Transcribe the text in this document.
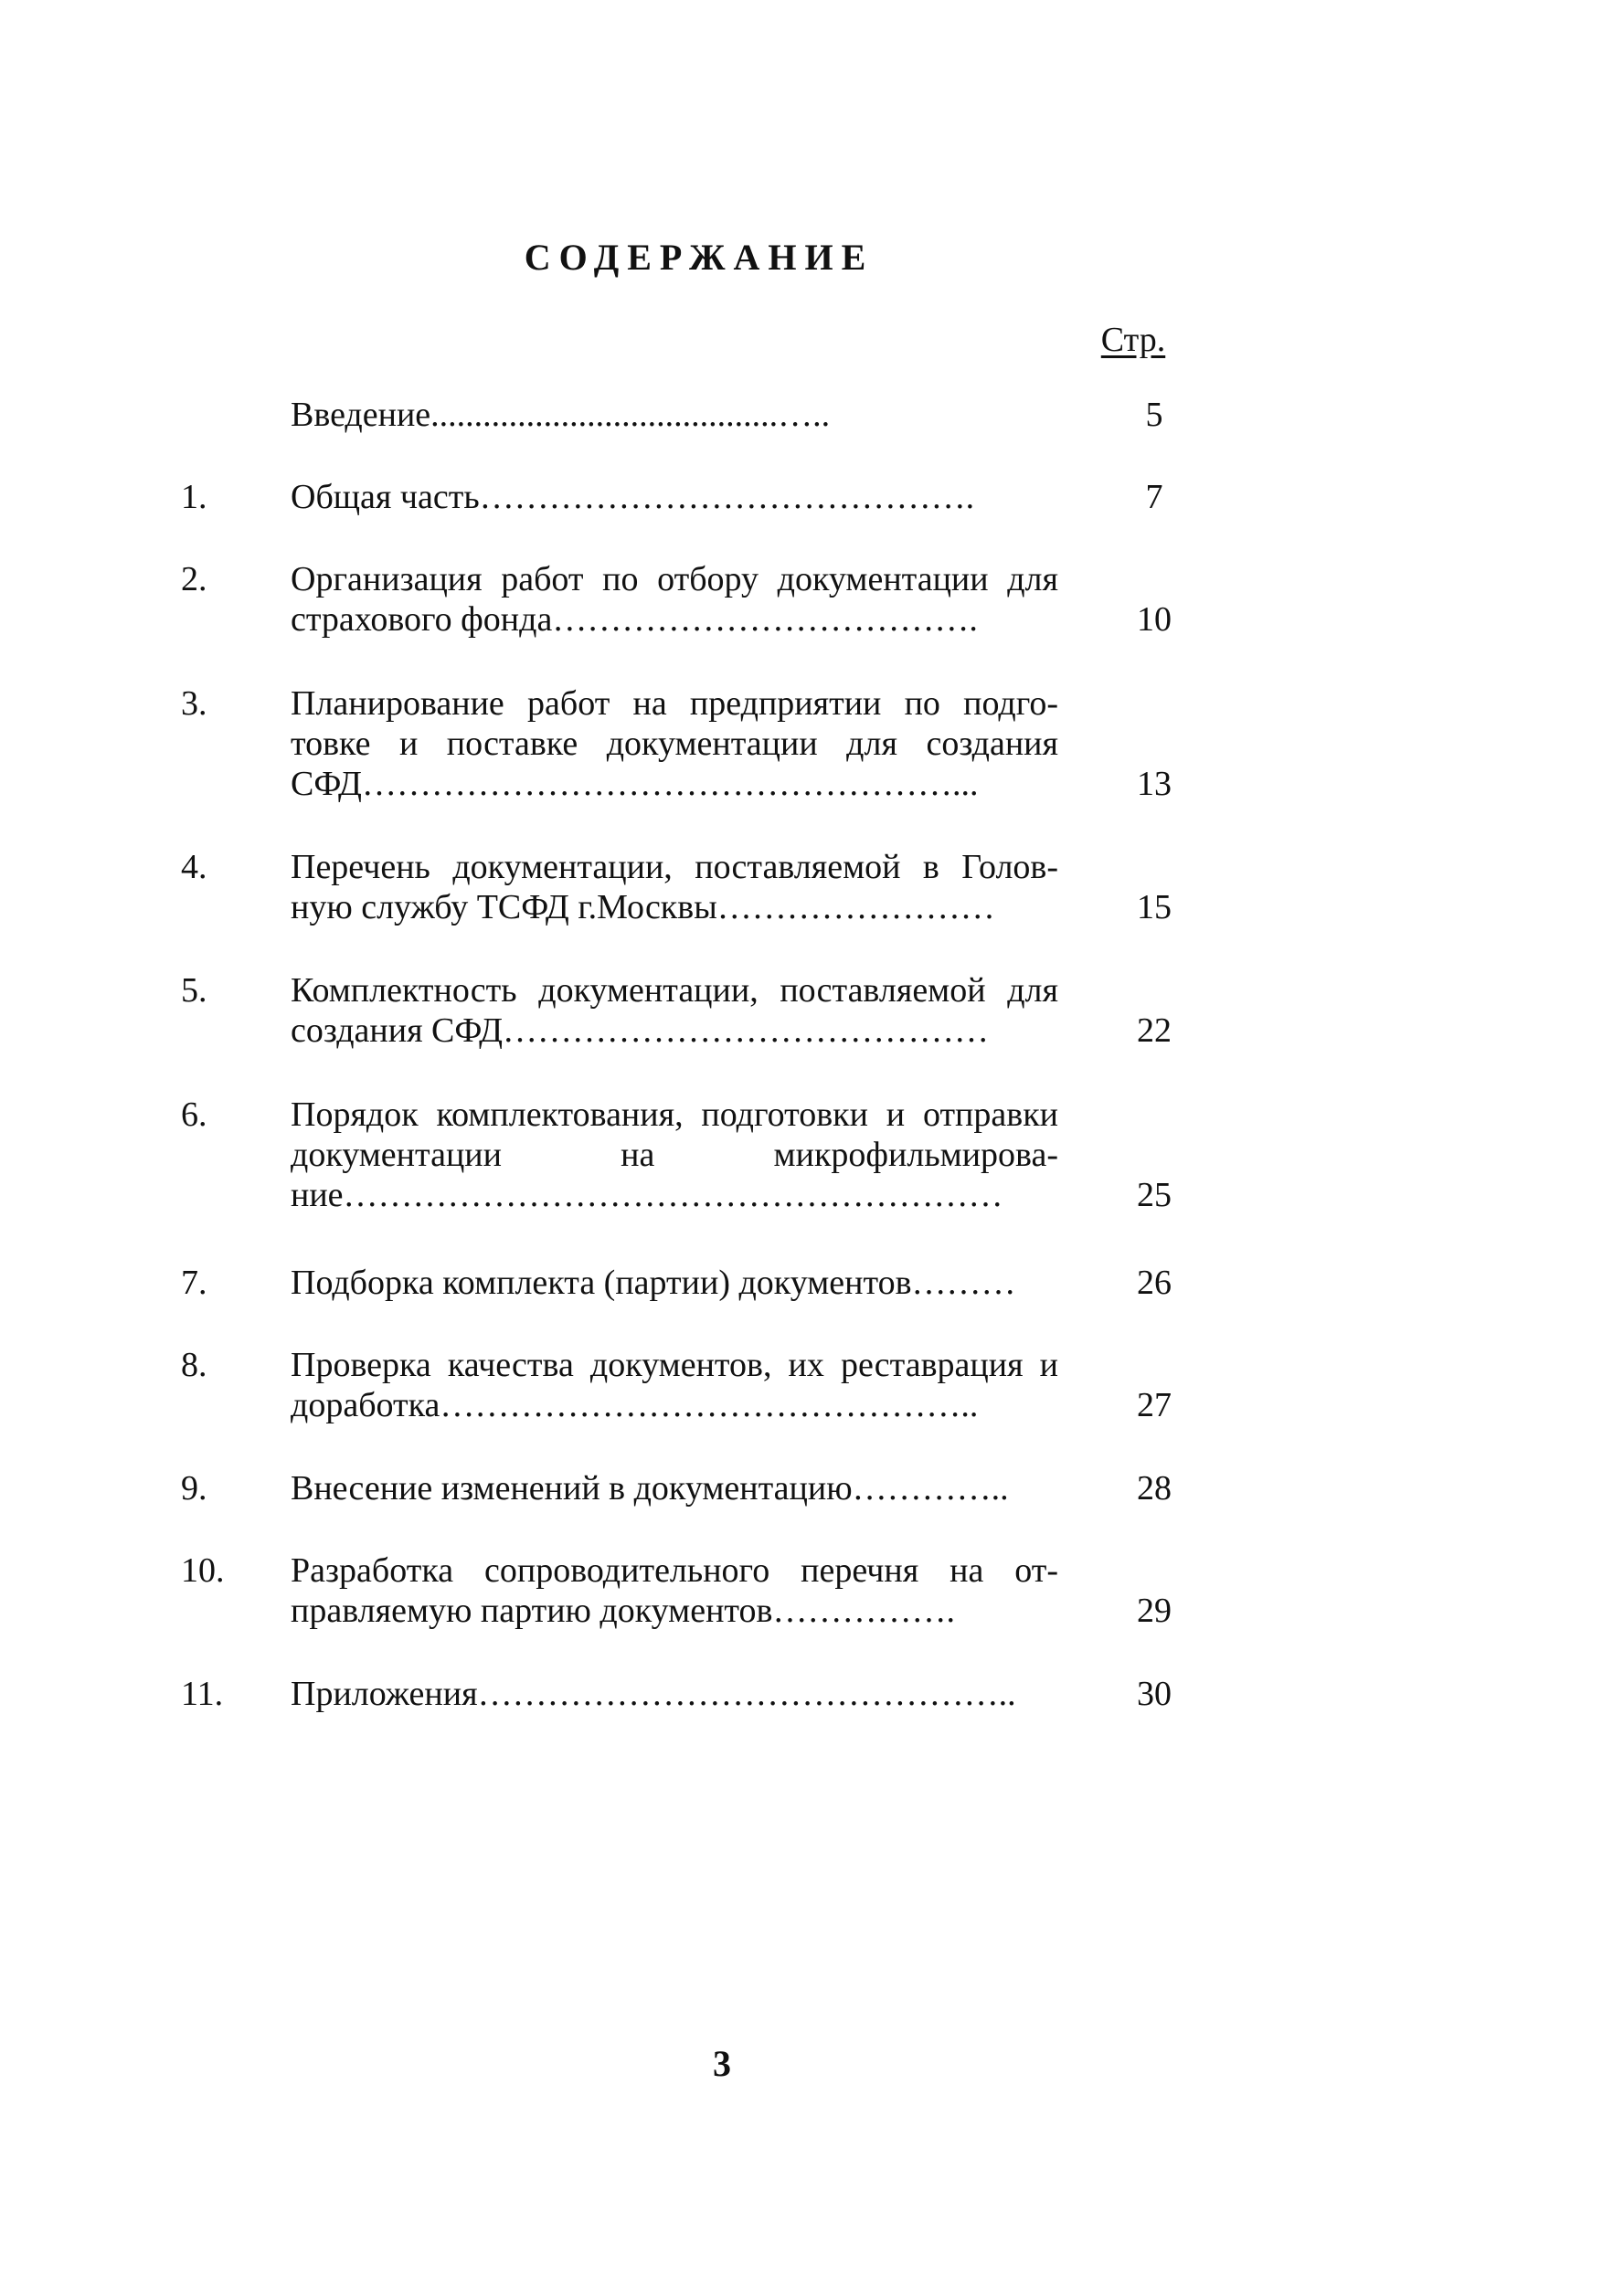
СОДЕРЖАНИЕ
Стр.
Введение........................................…..	5
1.	Общая часть…………………………………….	7
2.	Организация работ по отбору документации для
страхового фонда……………………………….	10
3.	Планирование работ на предприятии по подго-
товке и поставке документации для создания
СФД……………………………………………...	13
4.	Перечень документации, поставляемой в Голов-
ную службу ТСФД г.Москвы……………………	15
5.	Комплектность документации, поставляемой для
создания СФД……………………………………	22
6.	Порядок комплектования, подготовки и отправки
документации на микрофильмирова-
ние…………………………………………………	25
7.	Подборка комплекта (партии) документов………	26
8.	Проверка качества документов, их реставрация и
доработка………………………………………..	27
9.	Внесение изменений в документацию…………..	28
10.	Разработка сопроводительного перечня на от-
правляемую партию документов…………….	29
11.	Приложения………………………………………..	30
3
